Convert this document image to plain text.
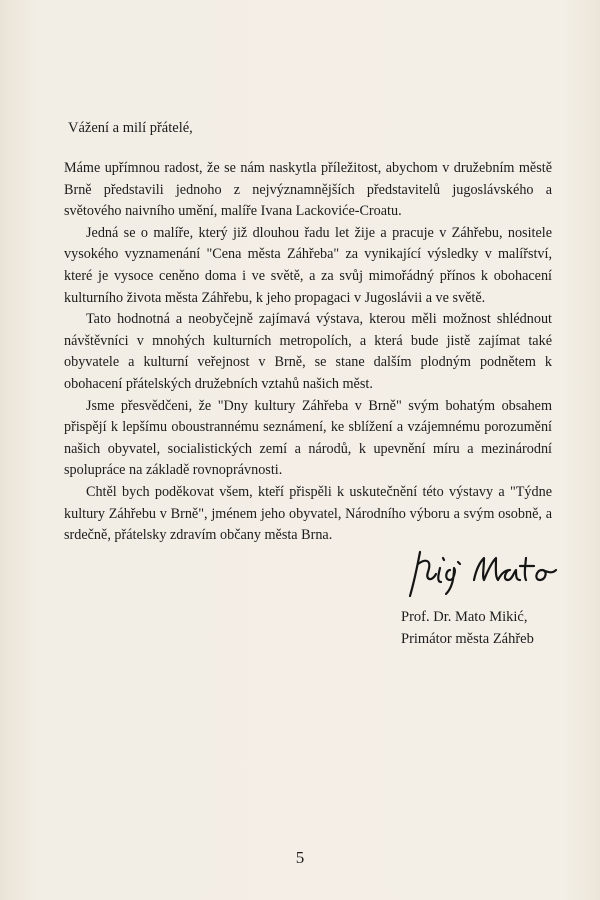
Vážení a milí přátelé,

Máme upřímnou radost, že se nám naskytla příležitost, abychom v družebním městě Brně představili jednoho z nejvýznamnějších představitelů jugoslávského a světového naivního umění, malíře Ivana Lackoviće-Croatu.

Jedná se o malíře, který již dlouhou řadu let žije a pracuje v Záhřebu, nositele vysokého vyznamenání "Cena města Záhřeba" za vynikající výsledky v malířství, které je vysoce ceněno doma i ve světě, a za svůj mimořádný přínos k obohacení kulturního života města Záhřebu, k jeho propagaci v Jugoslávii a ve světě.

Tato hodnotná a neobyčejně zajímavá výstava, kterou měli možnost shlédnout návštěvníci v mnohých kulturních metropolích, a která bude jistě zajímat také obyvatele a kulturní veřejnost v Brně, se stane dalším plodným podnětem k obohacení přátelských družebních vztahů našich měst.

Jsme přesvědčeni, že "Dny kultury Záhřeba v Brně" svým bohatým obsahem přispějí k lepšímu oboustrannému seznámení, ke sblížení a vzájemnému porozumění našich obyvatel, socialistických zemí a národů, k upevnění míru a mezinárodní spolupráce na základě rovnoprávnosti.

Chtěl bych poděkovat všem, kteří přispěli k uskutečnění této výstavy a "Týdne kultury Záhřebu v Brně", jménem jeho obyvatel, Národního výboru a svým osobně, a srdečně, přátelsky zdravím občany města Brna.

Prof. Dr. Mato Mikić,
Primátor města Záhřeb
5
